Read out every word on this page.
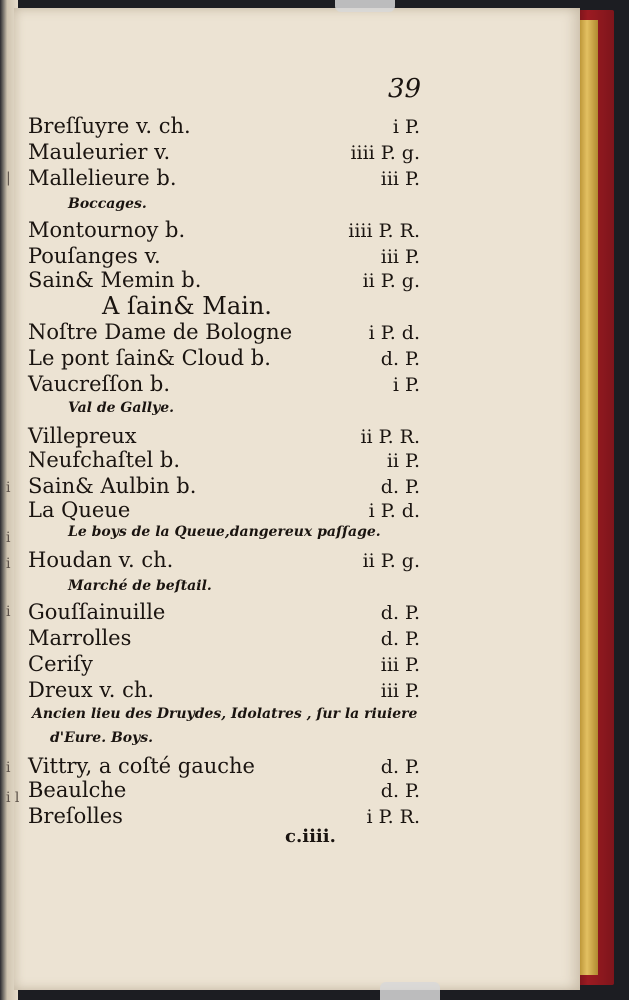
39
Breſſuyre v. ch.	i P.
Mauleurier v.	iiii P. g.
Mallelieure b.	iii P.
Boccages.
Montournoy b.	iiii P. R.
Pouſanges v.	iii P.
Sain& Memin b.	ii P. g.
A ſain& Main.
Noſtre Dame de Bologne	i P. d.
Le pont ſain& Cloud b.	d. P.
Vaucreſſon b.	i P.
Val de Gallye.
Villepreux	ii P. R.
Neufchaſtel b.	ii P.
Sain& Aulbin b.	d. P.
La Queue	i P. d.
Le boys de la Queue,dangereux paſſage.
Houdan v. ch.	ii P. g.
Marché de beſtail.
Gouſſainuille	d. P.
Marrolles	d. P.
Ceriſy	iii P.
Dreux v. ch.	iii P.
Ancien lieu des Druydes, Idolatres , ſur la riuiere
d'Eure. Boys.
Vittry, a coſté gauche	d. P.
Beaulche	d. P.
Breſolles	i P. R.
c.iiii.
|
i
i
i
i
i
i l
